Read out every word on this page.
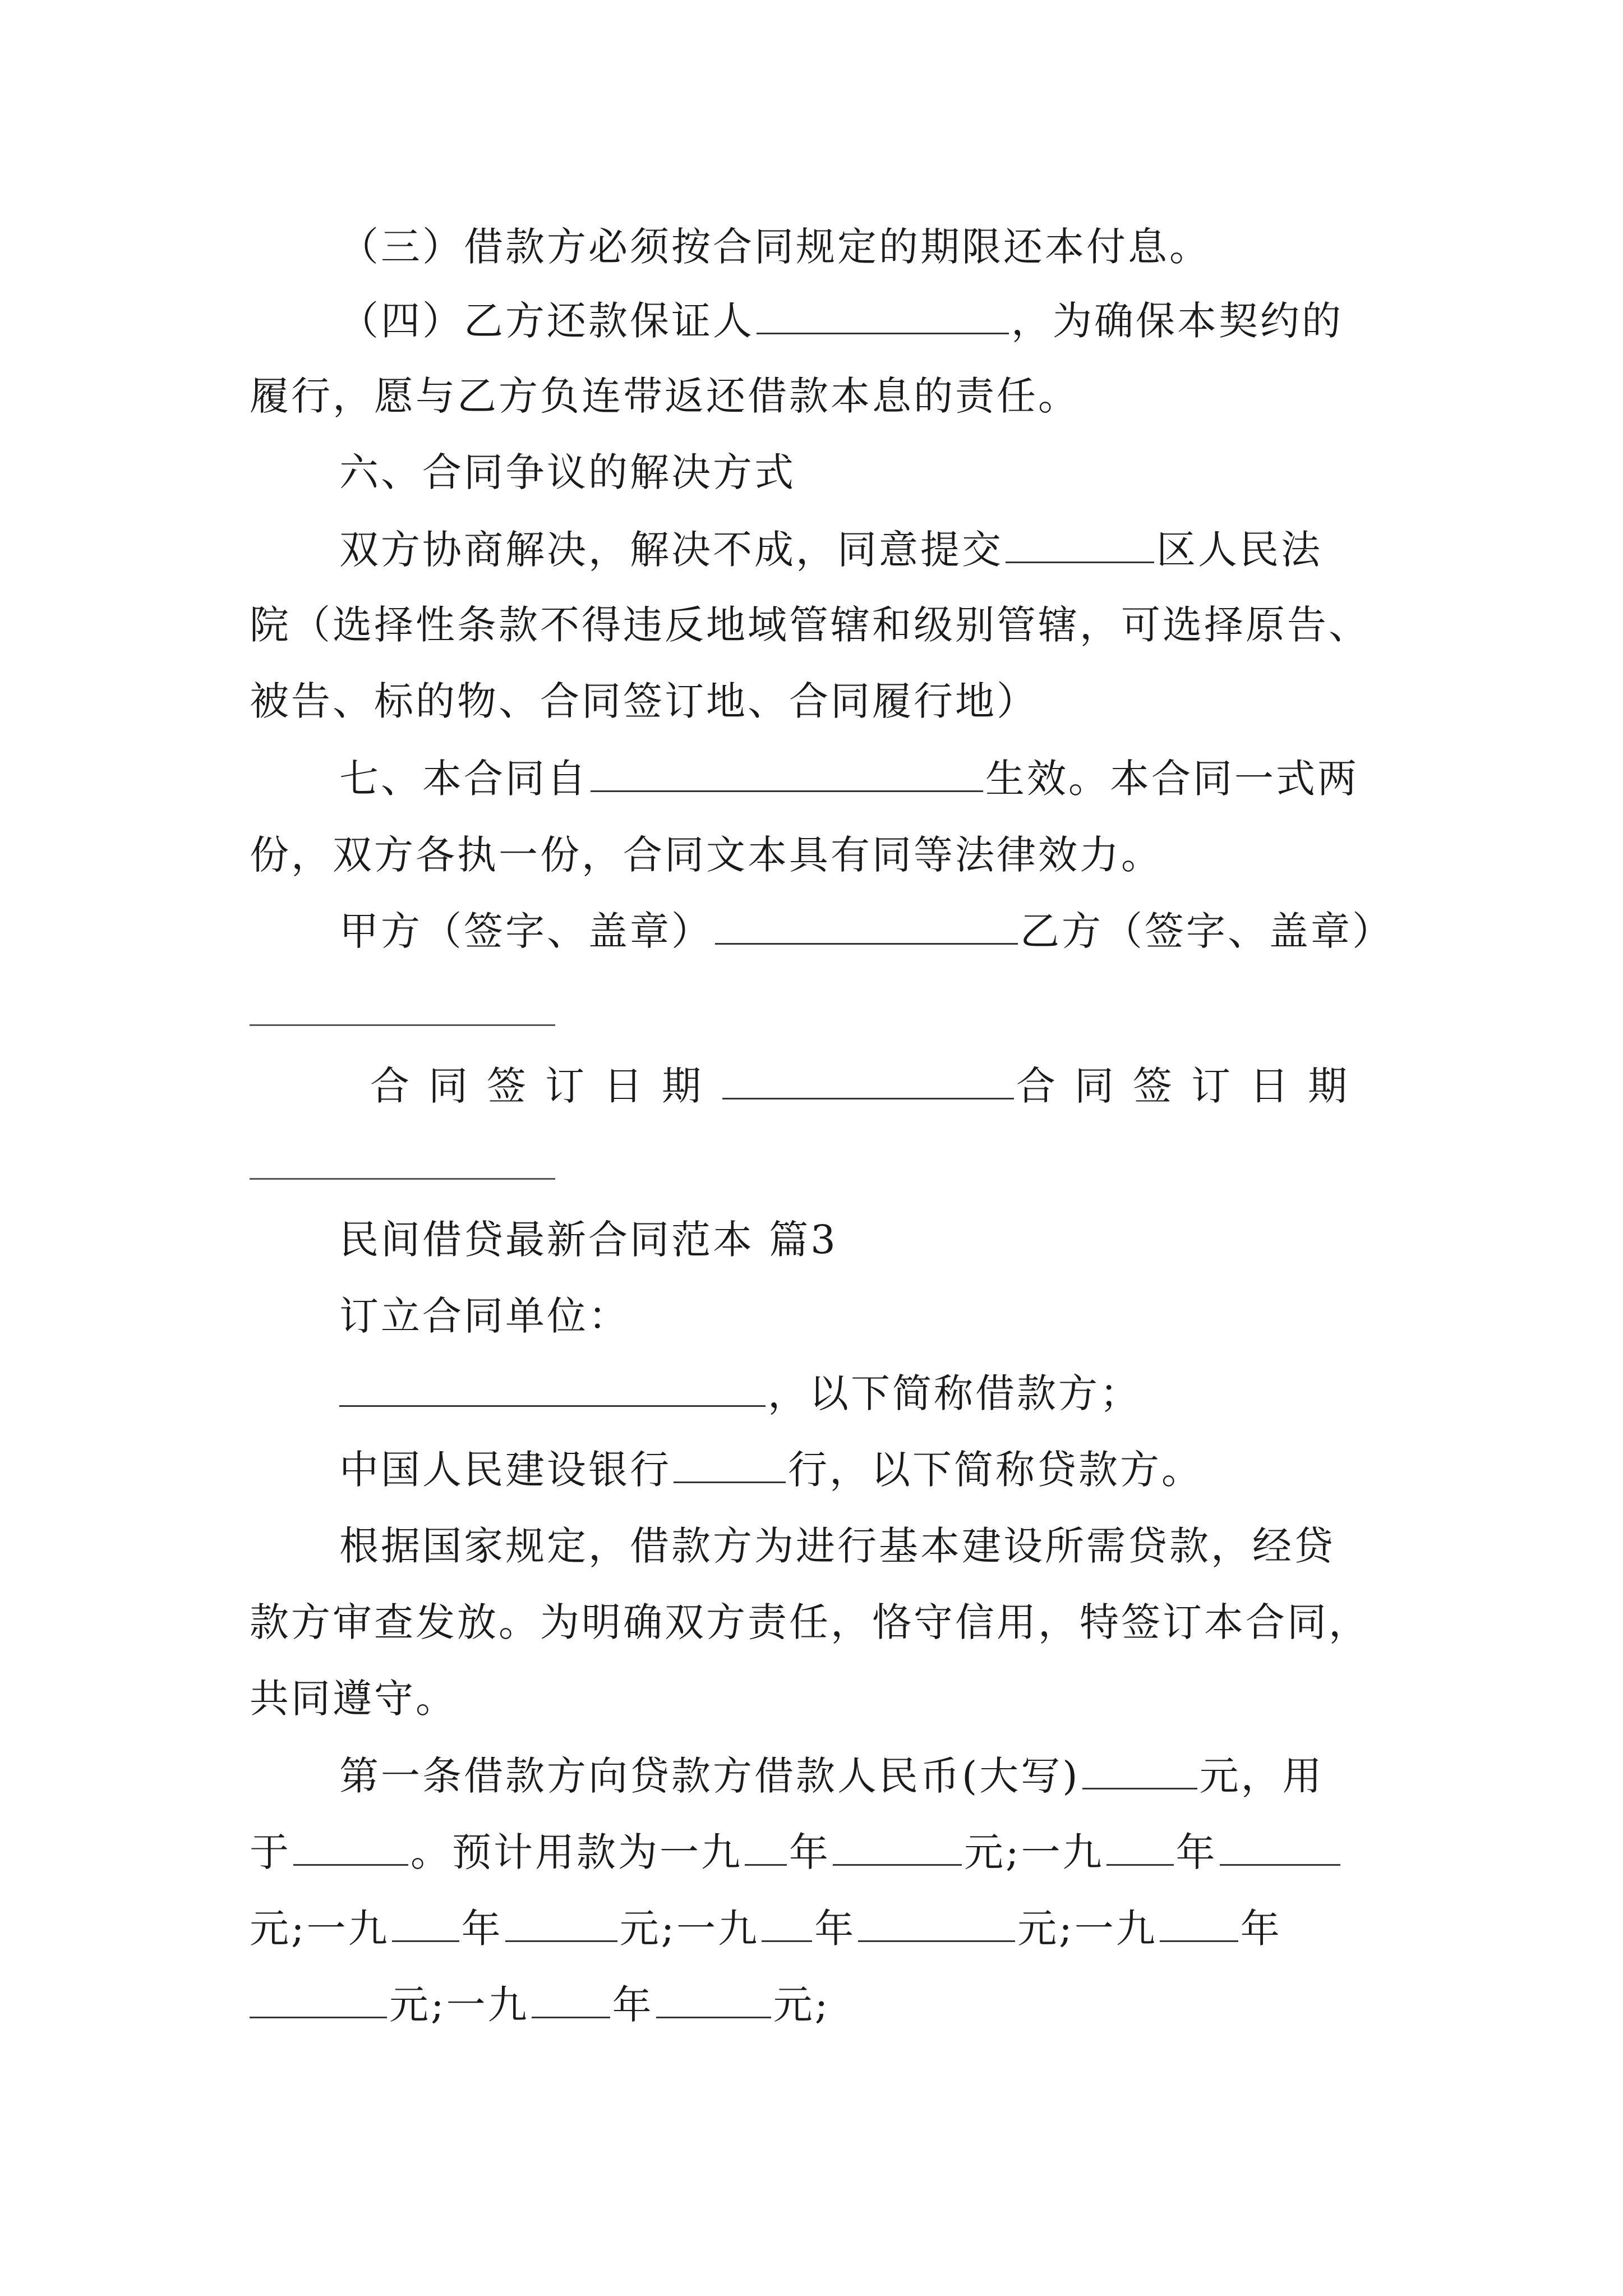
（三）借款方必须按合同规定的期限还本付息。
（四）乙方还款保证人	，为确保本契约的
履行，愿与乙方负连带返还借款本息的责任。
六、合同争议的解决方式
双方协商解决，解决不成，同意提交	区人民法
院（选择性条款不得违反地域管辖和级别管辖，可选择原告、
被告、标的物、合同签订地、合同履行地）
七、本合同自	生效。本合同一式两
份，双方各执一份，合同文本具有同等法律效力。
甲方（签字、盖章）	乙方（签字、盖章）
合同签订日期	合同签订日期
民间借贷最新合同范本 篇3
订立合同单位：
，以下简称借款方；
中国人民建设银行	行，以下简称贷款方。
根据国家规定，借款方为进行基本建设所需贷款，经贷
款方审查发放。为明确双方责任，恪守信用，特签订本合同，
共同遵守。
第一条借款方向贷款方借款人民币(大写)	元，用
于	。预计用款为一九 年	元;一九 年
元;一九 年	元;一九 年	元;一九 年
元;一九 年	元;
